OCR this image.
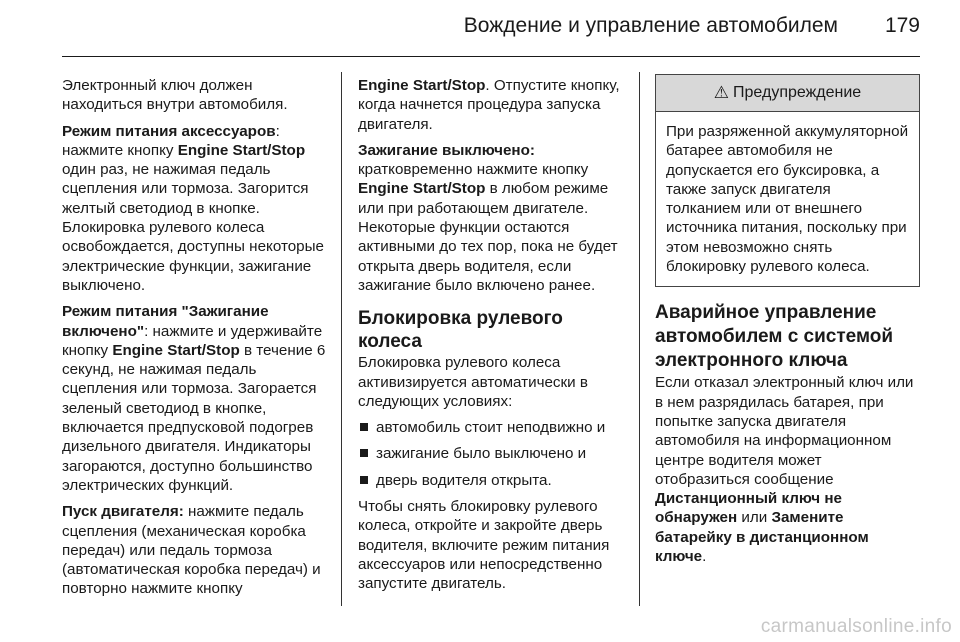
Вождение и управление автомобилем 179

Электронный ключ должен находиться внутри автомобиля.

Режим питания аксессуаров: нажмите кнопку Engine Start/Stop один раз, не нажимая педаль сцепления или тормоза. Загорится желтый светодиод в кнопке. Блокировка рулевого колеса освобождается, доступны некоторые электрические функции, зажигание выключено.

Режим питания "Зажигание включено": нажмите и удерживайте кнопку Engine Start/Stop в течение 6 секунд, не нажимая педаль сцепления или тормоза. Загорается зеленый светодиод в кнопке, включается предпусковой подогрев дизельного двигателя. Индикаторы загораются, доступно большинство электрических функций.

Пуск двигателя: нажмите педаль сцепления (механическая коробка передач) или педаль тормоза (автоматическая коробка передач) и повторно нажмите кнопку

Engine Start/Stop. Отпустите кнопку, когда начнется процедура запуска двигателя.

Зажигание выключено: кратковременно нажмите кнопку
Engine Start/Stop в любом режиме или при работающем двигателе. Некоторые функции остаются активными до тех пор, пока не будет открыта дверь водителя, если зажигание было включено ранее.

Блокировка рулевого колеса

Блокировка рулевого колеса активизируется автоматически в следующих условиях:

автомобиль стоит неподвижно и
зажигание было выключено и
дверь водителя открыта.

Чтобы снять блокировку рулевого колеса, откройте и закройте дверь водителя, включите режим питания аксессуаров или непосредственно запустите двигатель.

⚠ Предупреждение
При разряженной аккумуляторной батарее автомобиля не допускается его буксировка, а также запуск двигателя толканием или от внешнего источника питания, поскольку при этом невозможно снять блокировку рулевого колеса.
Аварийное управление автомобилем с системой электронного ключа

Если отказал электронный ключ или в нем разрядилась батарея, при попытке запуска двигателя автомобиля на информационном центре водителя может отобразиться сообщение Дистанционный ключ не обнаружен или Замените батарейку в дистанционном ключе.

carmanualsonline.info
